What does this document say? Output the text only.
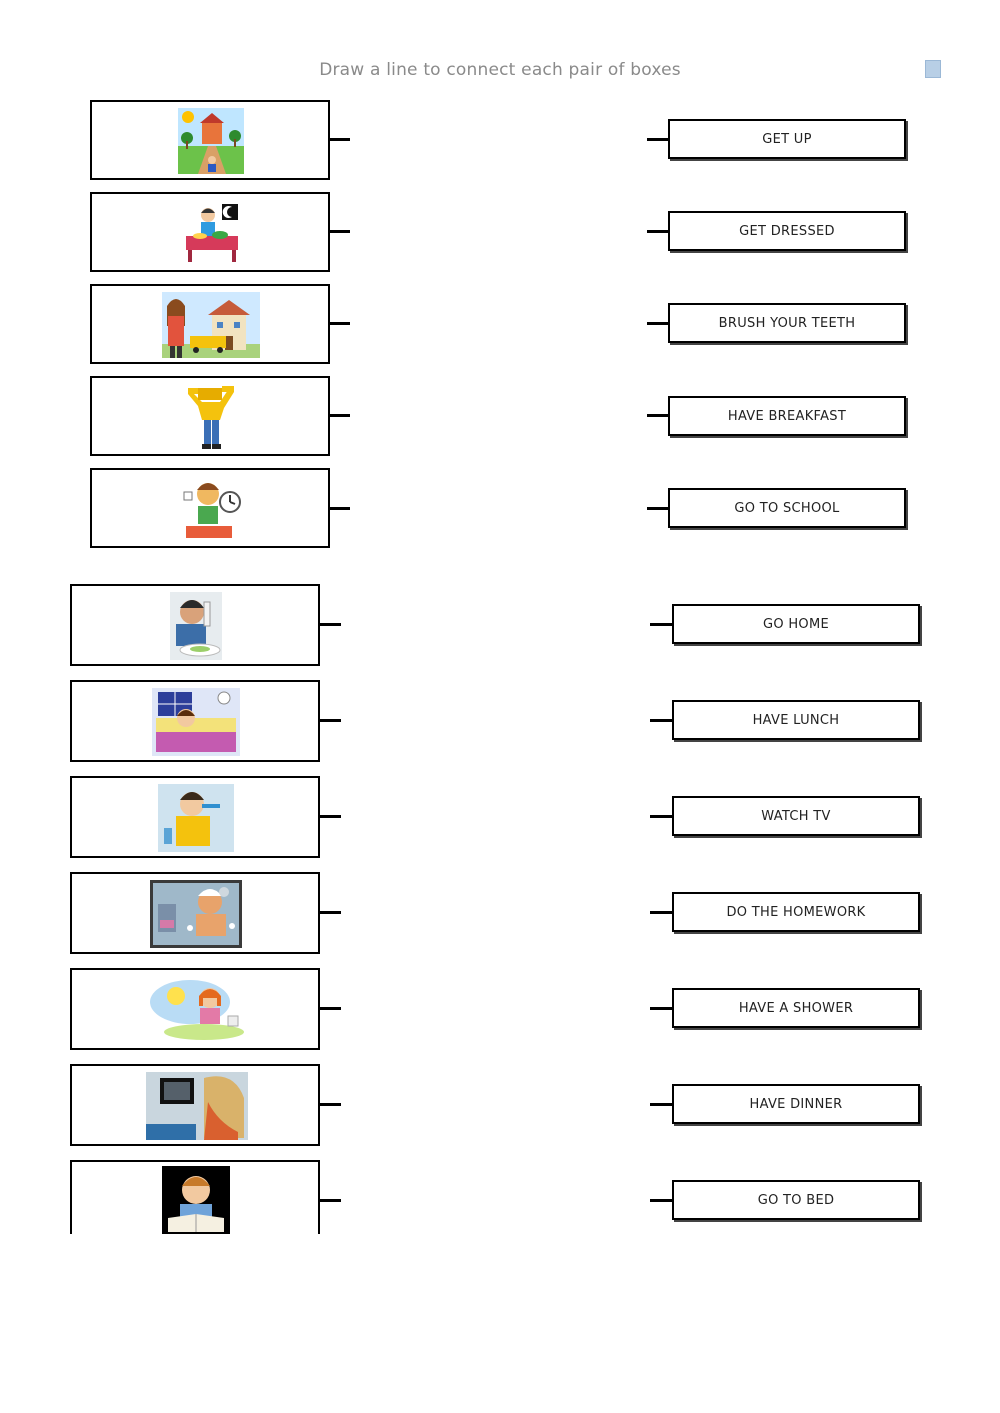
Draw a line to connect each pair of boxes
GET UP
GET DRESSED
BRUSH YOUR TEETH
HAVE BREAKFAST
GO TO SCHOOL
GO HOME
HAVE LUNCH
WATCH TV
DO THE HOMEWORK
HAVE A SHOWER
HAVE DINNER
GO TO BED
